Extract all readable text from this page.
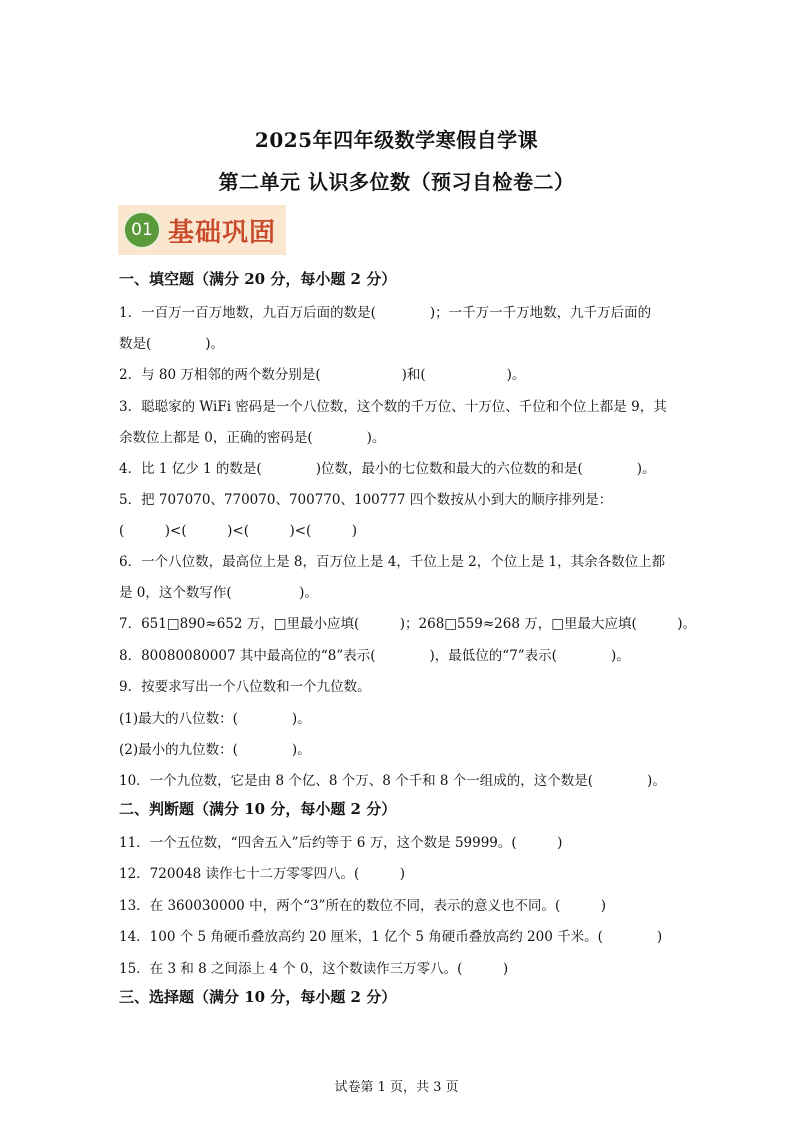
2025年四年级数学寒假自学课
第二单元 认识多位数（预习自检卷二）
01 基础巩固
一、填空题（满分 20 分，每小题 2 分）
1．一百万一百万地数，九百万后面的数是(　　　　)；一千万一千万地数，九千万后面的
数是(　　　　)。
2．与 80 万相邻的两个数分别是(　　　　　　)和(　　　　　　)。
3．聪聪家的 WiFi 密码是一个八位数，这个数的千万位、十万位、千位和个位上都是 9，其
余数位上都是 0，正确的密码是(　　　　)。
4．比 1 亿少 1 的数是(　　　　)位数，最小的七位数和最大的六位数的和是(　　　　)。
5．把 707070、770070、700770、100777 四个数按从小到大的顺序排列是：
(　　　)<(　　　)<(　　　)<(　　　)
6．一个八位数，最高位上是 8，百万位上是 4，千位上是 2，个位上是 1，其余各数位上都
是 0，这个数写作(　　　　　)。
7．651□890≈652 万，□里最小应填(　　　)；268□559≈268 万，□里最大应填(　　　)。
8．80080080007 其中最高位的“8”表示(　　　　)，最低位的“7”表示(　　　　)。
9．按要求写出一个八位数和一个九位数。
(1)最大的八位数：(　　　　)。
(2)最小的九位数：(　　　　)。
10．一个九位数，它是由 8 个亿、8 个万、8 个千和 8 个一组成的，这个数是(　　　　)。
二、判断题（满分 10 分，每小题 2 分）
11．一个五位数，“四舍五入”后约等于 6 万，这个数是 59999。(　　　)
12．720048 读作七十二万零零四八。(　　　)
13．在 360030000 中，两个“3”所在的数位不同，表示的意义也不同。(　　　)
14．100 个 5 角硬币叠放高约 20 厘米，1 亿个 5 角硬币叠放高约 200 千米。(　　　　)
15．在 3 和 8 之间添上 4 个 0，这个数读作三万零八。(　　　)
三、选择题（满分 10 分，每小题 2 分）
试卷第 1 页，共 3 页
